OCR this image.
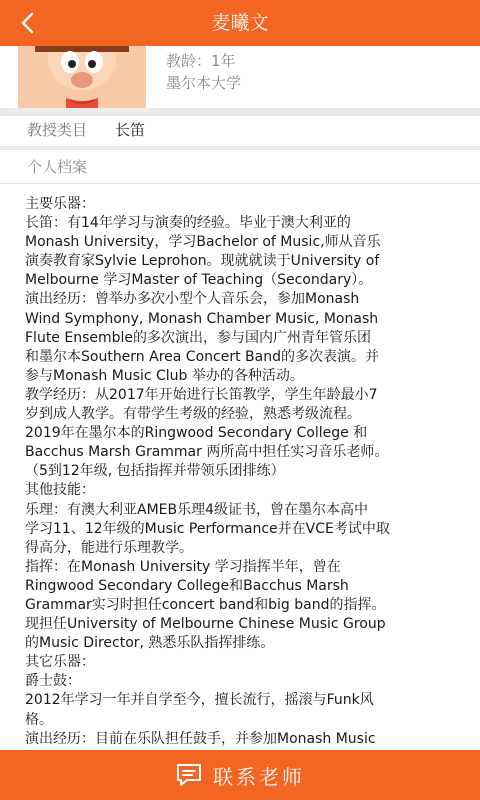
麦曦文
教龄：1年
墨尔本大学
教授类目 长笛
个人档案
主要乐器：
长笛：有14年学习与演奏的经验。毕业于澳大利亚的
Monash University，学习Bachelor of Music,师从音乐
演奏教育家Sylvie Leprohon。现就就读于University of
Melbourne 学习Master of Teaching（Secondary）。
演出经历：曾举办多次小型个人音乐会，参加Monash
Wind Symphony, Monash Chamber Music, Monash
Flute Ensemble的多次演出，参与国内广州青年管乐团
和墨尔本Southern Area Concert Band的多次表演。并
参与Monash Music Club 举办的各种活动。
教学经历：从2017年开始进行长笛教学，学生年龄最小7
岁到成人教学。有带学生考级的经验，熟悉考级流程。
2019年在墨尔本的Ringwood Secondary College 和
Bacchus Marsh Grammar 两所高中担任实习音乐老师。
（5到12年级, 包括指挥并带领乐团排练）
其他技能：
乐理：有澳大利亚AMEB乐理4级证书，曾在墨尔本高中
学习11、12年级的Music Performance并在VCE考试中取
得高分，能进行乐理教学。
指挥：在Monash University 学习指挥半年，曾在
Ringwood Secondary College和Bacchus Marsh
Grammar实习时担任concert band和big band的指挥。
现担任University of Melbourne Chinese Music Group
的Music Director, 熟悉乐队指挥排练。
其它乐器：
爵士鼓：
2012年学习一年并自学至今，擅长流行，摇滚与Funk风
格。
演出经历：目前在乐队担任鼓手，并参加Monash Music
联系老师
